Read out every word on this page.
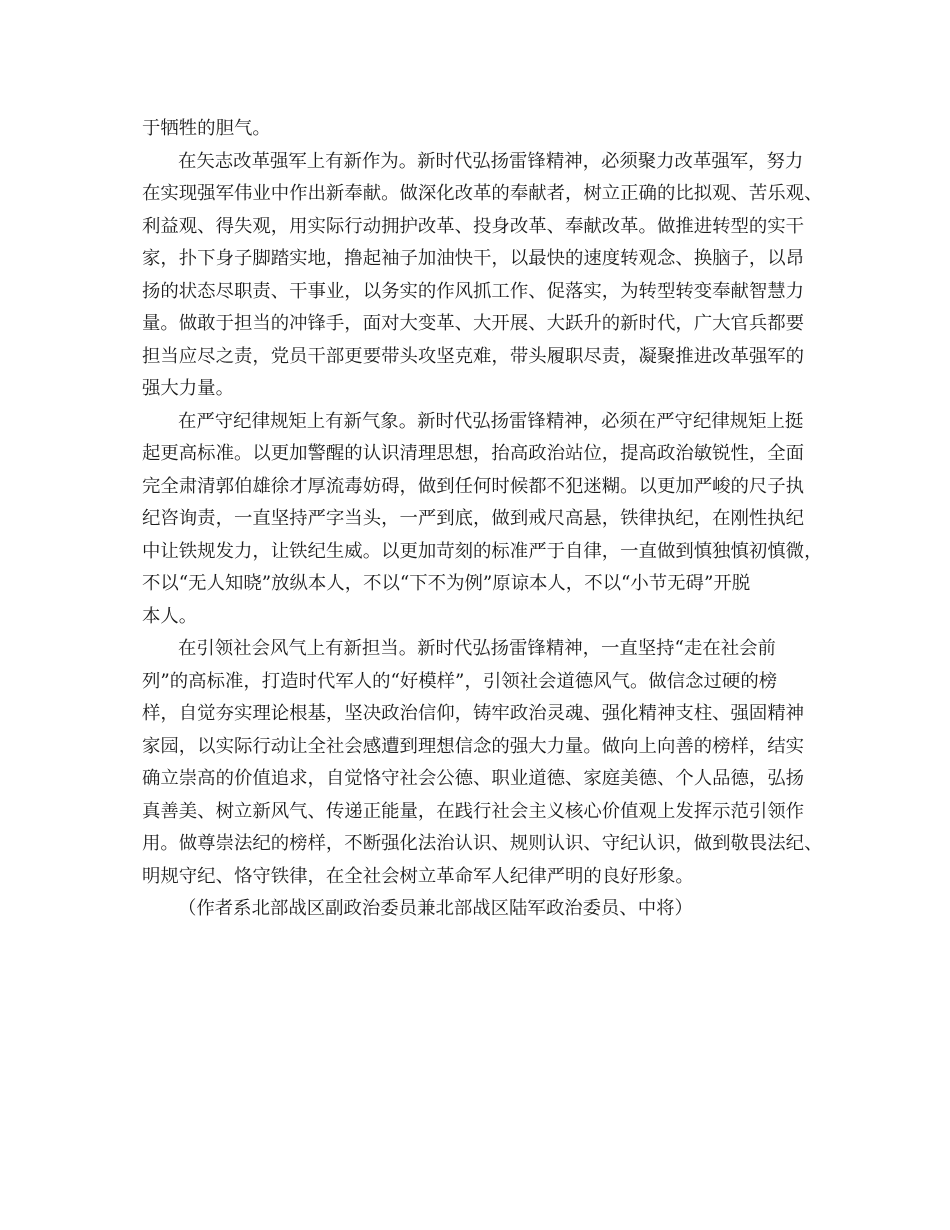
于牺牲的胆气。
在矢志改革强军上有新作为。新时代弘扬雷锋精神，必须聚力改革强军，努力
在实现强军伟业中作出新奉献。做深化改革的奉献者，树立正确的比拟观、苦乐观、
利益观、得失观，用实际行动拥护改革、投身改革、奉献改革。做推进转型的实干
家，扑下身子脚踏实地，撸起袖子加油快干，以最快的速度转观念、换脑子，以昂
扬的状态尽职责、干事业，以务实的作风抓工作、促落实，为转型转变奉献智慧力
量。做敢于担当的冲锋手，面对大变革、大开展、大跃升的新时代，广大官兵都要
担当应尽之责，党员干部更要带头攻坚克难，带头履职尽责，凝聚推进改革强军的
强大力量。
在严守纪律规矩上有新气象。新时代弘扬雷锋精神，必须在严守纪律规矩上挺
起更高标准。以更加警醒的认识清理思想，抬高政治站位，提高政治敏锐性，全面
完全肃清郭伯雄徐才厚流毒妨碍，做到任何时候都不犯迷糊。以更加严峻的尺子执
纪咨询责，一直坚持严字当头，一严到底，做到戒尺高悬，铁律执纪，在刚性执纪
中让铁规发力，让铁纪生威。以更加苛刻的标准严于自律，一直做到慎独慎初慎微，
不以“无人知晓”放纵本人，不以“下不为例”原谅本人，不以“小节无碍”开脱
本人。
在引领社会风气上有新担当。新时代弘扬雷锋精神，一直坚持“走在社会前
列”的高标准，打造时代军人的“好模样”，引领社会道德风气。做信念过硬的榜
样，自觉夯实理论根基，坚决政治信仰，铸牢政治灵魂、强化精神支柱、强固精神
家园，以实际行动让全社会感遭到理想信念的强大力量。做向上向善的榜样，结实
确立崇高的价值追求，自觉恪守社会公德、职业道德、家庭美德、个人品德，弘扬
真善美、树立新风气、传递正能量，在践行社会主义核心价值观上发挥示范引领作
用。做尊崇法纪的榜样，不断强化法治认识、规则认识、守纪认识，做到敬畏法纪、
明规守纪、恪守铁律，在全社会树立革命军人纪律严明的良好形象。
（作者系北部战区副政治委员兼北部战区陆军政治委员、中将）
